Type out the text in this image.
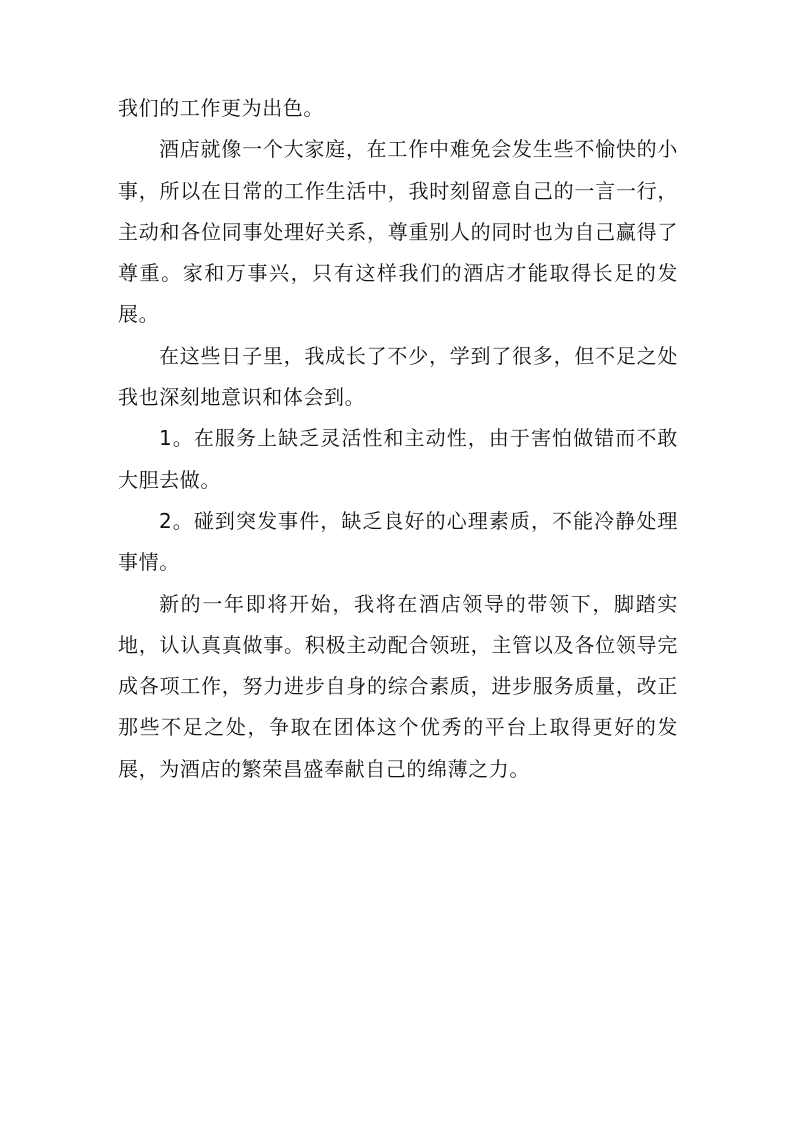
我们的工作更为出色。

酒店就像一个大家庭，在工作中难免会发生些不愉快的小事，所以在日常的工作生活中，我时刻留意自己的一言一行，主动和各位同事处理好关系，尊重别人的同时也为自己赢得了尊重。家和万事兴，只有这样我们的酒店才能取得长足的发展。

在这些日子里，我成长了不少，学到了很多，但不足之处我也深刻地意识和体会到。

1。在服务上缺乏灵活性和主动性，由于害怕做错而不敢大胆去做。

2。碰到突发事件，缺乏良好的心理素质，不能冷静处理事情。

新的一年即将开始，我将在酒店领导的带领下，脚踏实地，认认真真做事。积极主动配合领班，主管以及各位领导完成各项工作，努力进步自身的综合素质，进步服务质量，改正那些不足之处，争取在团体这个优秀的平台上取得更好的发展，为酒店的繁荣昌盛奉献自己的绵薄之力。
